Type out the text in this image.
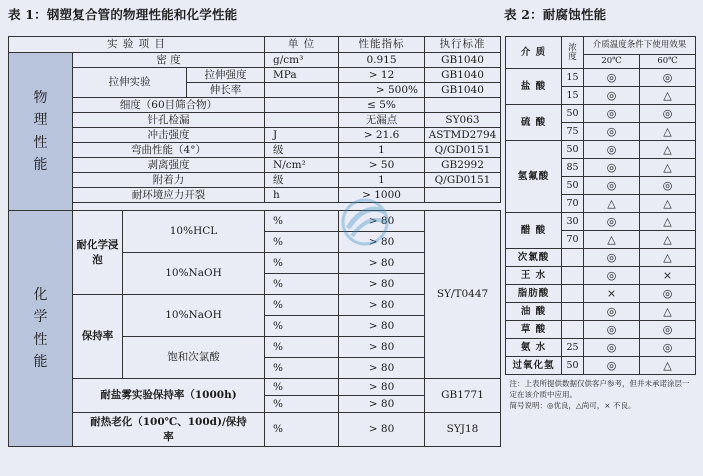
表 1：钢塑复合管的物理性能和化学性能	表 2：耐腐蚀性能
实 验 项 目				单 位	性能指标	执行标准
物理性能	密 度			g/cm³	0.915	GB1040
	拉伸实验		拉伸强度	MPa	> 12	GB1040
			伸长率		> 500%	GB1040
	细度（60目筛合物）				≤ 5%	
	针孔检漏				无漏点	SY063
	冲击强度			J	> 21.6	ASTMD2794
	弯曲性能（4°）			级	1	Q/GD0151
	剥离强度			N/cm²	> 50	GB2992
	附着力			级	1	Q/GD0151
	耐环境应力开裂			h	> 1000	

化学性能	耐化学浸泡	10%HCL		%	> 80	SY/T0447
				%	> 80	
		10%NaOH		%	> 80	
				%	> 80	
	保持率	10%NaOH		%	> 80	
				%	> 80	
		饱和次氯酸		%	> 80	
				%	> 80	
	耐盐雾实验保持率（1000h)			%	> 80	GB1771
				%	> 80	
	耐热老化（100℃、100d)/保持率			%	> 80	SYJ18
介 质	浓度	介质温度条件下使用效果	
		20℃	60℃
盐 酸	15	◎	◎
	15	◎	△
硫 酸	50	◎	◎
	75	◎	△
氢氟酸	50	◎	△
	85	◎	△
	50	◎	◎
	70	△	△
醋 酸	30	◎	△
	70	△	△
次氯酸		◎	△
王 水		◎	×
脂肪酸		×	◎
油 酸		◎	△
草 酸		◎	◎
氨 水	25	◎	◎
过氧化氢	50	◎	△

注：上表所提供数据仅供客户参考，但并未承诺涂层一定在该介质中应用。
简号说明：◎优良，△尚可，× 不良。			
